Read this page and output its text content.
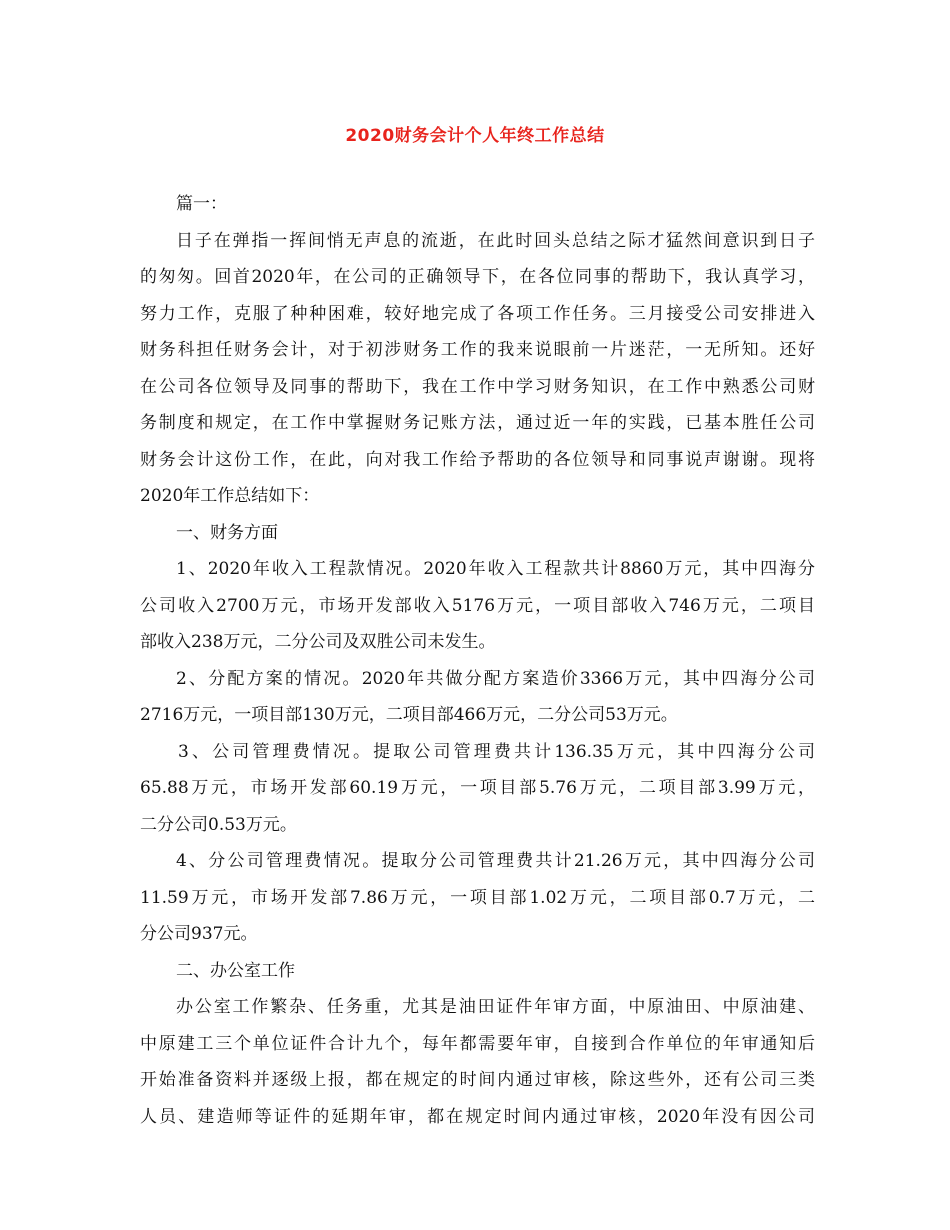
2020财务会计个人年终工作总结
篇一：
日子在弹指一挥间悄无声息的流逝，在此时回头总结之际才猛然间意识到日子
的匆匆。回首2020年，在公司的正确领导下，在各位同事的帮助下，我认真学习，
努力工作，克服了种种困难，较好地完成了各项工作任务。三月接受公司安排进入
财务科担任财务会计，对于初涉财务工作的我来说眼前一片迷茫，一无所知。还好
在公司各位领导及同事的帮助下，我在工作中学习财务知识，在工作中熟悉公司财
务制度和规定，在工作中掌握财务记账方法，通过近一年的实践，已基本胜任公司
财务会计这份工作，在此，向对我工作给予帮助的各位领导和同事说声谢谢。现将
2020年工作总结如下：
一、财务方面
1、2020年收入工程款情况。2020年收入工程款共计8860万元，其中四海分
公司收入2700万元，市场开发部收入5176万元，一项目部收入746万元，二项目
部收入238万元，二分公司及双胜公司未发生。
2、分配方案的情况。2020年共做分配方案造价3366万元，其中四海分公司
2716万元，一项目部130万元，二项目部466万元，二分公司53万元。
3、公司管理费情况。提取公司管理费共计136.35万元，其中四海分公司
65.88万元，市场开发部60.19万元，一项目部5.76万元，二项目部3.99万元，
二分公司0.53万元。
4、分公司管理费情况。提取分公司管理费共计21.26万元，其中四海分公司
11.59万元，市场开发部7.86万元，一项目部1.02万元，二项目部0.7万元，二
分公司937元。
二、办公室工作
办公室工作繁杂、任务重，尤其是油田证件年审方面，中原油田、中原油建、
中原建工三个单位证件合计九个，每年都需要年审，自接到合作单位的年审通知后
开始准备资料并逐级上报，都在规定的时间内通过审核，除这些外，还有公司三类
人员、建造师等证件的延期年审，都在规定时间内通过审核，2020年没有因公司
